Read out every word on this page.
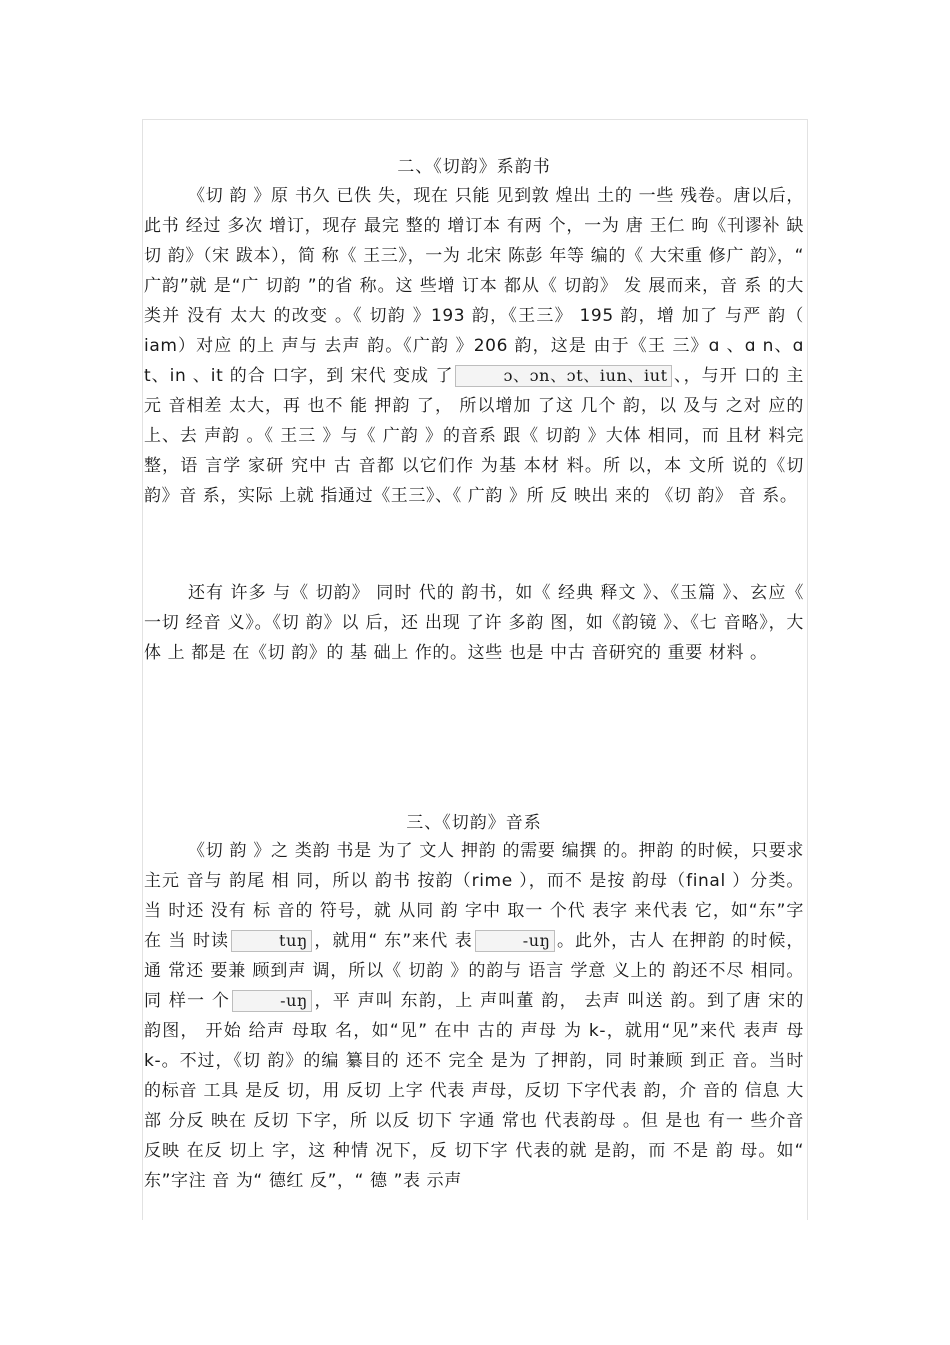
二、《切韵》系韵书

《切 韵 》原 书久 已佚 失，现在 只能 见到敦 煌出 土的 一些 残卷。唐以后，此书 经过 多次 增订，现存 最完 整的 增订本 有两 个，一为 唐 王仁 昫《刊谬补 缺切 韵》（宋 跋本），简 称《 王三》，一为 北宋 陈彭 年等 编的《 大宋重 修广 韵》，“ 广韵”就 是“广 切韵 ”的省 称。这 些增 订本 都从《 切韵》 发 展而来，音 系 的大 类并 没有 太大 的改变 。《 切韵 》193 韵，《王三》 195 韵，增 加了 与严 韵（ iam）对应 的上 声与 去声 韵。《广韵 》206 韵，这是 由于《王 三》ɑ 、ɑ n、ɑ t、in 、it 的合 口字，到 宋代 变成 了	ɔ、ɔn、ɔt、iun、iut 、，与开 口的 主元 音相差 太大，再 也不 能 押韵 了， 所以增加 了这 几个 韵，以 及与 之对 应的 上、去 声韵 。《 王三 》与《 广韵 》的音系 跟《 切韵 》大体 相同，而 且材 料完 整，语 言学 家研 究中 古 音都 以它们作 为基 本材 料。所 以，本 文所 说的《切 韵》音 系，实际 上就 指通过《王三》、《 广韵 》所 反 映出 来的 《切 韵》 音 系。

还有 许多 与《 切韵》 同时 代的 韵书，如《 经典 释文 》、《玉篇 》、玄应《 一切 经音 义》。《切 韵》以 后，还 出现 了许 多韵 图，如《韵镜 》、《七 音略》，大体 上 都是 在《切 韵》的 基 础上 作的。这些 也是 中古 音研究的 重要 材料 。

三、《切韵》音系

《切 韵 》之 类韵 书是 为了 文人 押韵 的需要 编撰 的。押韵 的时候，只要求 主元 音与 韵尾 相 同，所以 韵书 按韵（rime ），而不 是按 韵母（final ）分类。当 时还 没有 标 音的 符号，就 从同 韵 字中 取一 个代 表字 来代表 它，如“东”字在 当 时读	tuŋ ，就用“ 东”来代 表	-uŋ 。此外，古人 在押韵 的时候，通 常还 要兼 顾到声 调，所以《 切韵 》的韵与 语言 学意 义上的 韵还不尽 相同。同 样一 个	-uŋ ，平 声叫 东韵，上 声叫董 韵， 去声 叫送 韵。到了唐 宋的 韵图， 开始 给声 母取 名，如“见” 在中 古的 声母 为 k-，就用“见”来代 表声 母 k-。不过，《切 韵》的编 纂目的 还不 完全 是为 了押韵，同 时兼顾 到正 音。当时 的标音 工具 是反 切，用 反切 上字 代表 声母，反切 下字代表 韵，介 音的 信息 大部 分反 映在 反切 下字，所 以反 切下 字通 常也 代表韵母 。但 是也 有一 些介音 反映 在反 切上 字，这 种情 况下，反 切下字 代表的就 是韵，而 不是 韵 母。如“ 东”字注 音 为“ 德红 反”，“ 德 ”表 示声
